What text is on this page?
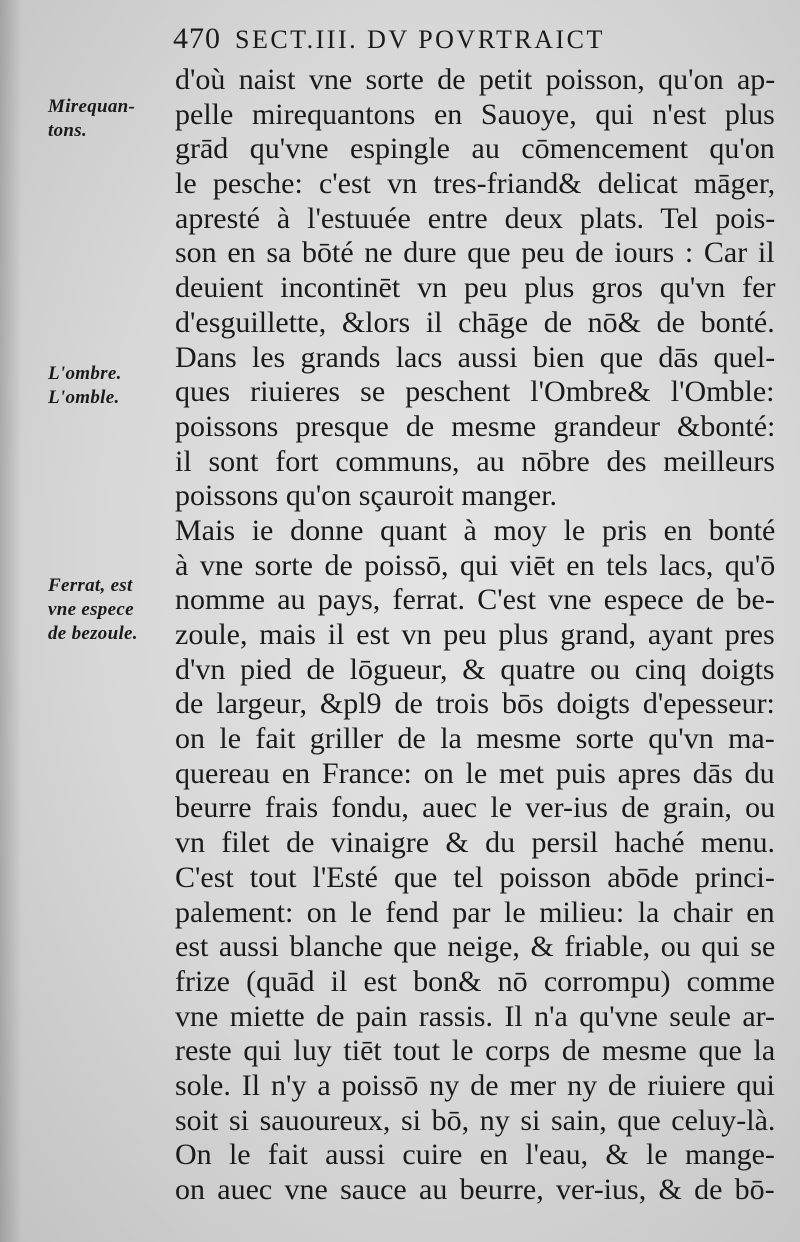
470 SECT.III. DV POVRTRAICT
Mirequan-
tons.
L'ombre.
L'omble.
Ferrat, est
vne espece
de bezoule.
d'où naist vne sorte de petit poisson, qu'on ap-
pelle mirequantons en Sauoye, qui n'est plus
grād qu'vne espingle au cōmencement qu'on
le pesche: c'est vn tres-friand& delicat māger,
apresté à l'estuuée entre deux plats. Tel pois-
son en sa bōté ne dure que peu de iours : Car il
deuient incontinēt vn peu plus gros qu'vn fer
d'esguillette, &lors il chāge de nō& de bonté.
Dans les grands lacs aussi bien que dās quel-
ques riuieres se peschent l'Ombre& l'Omble:
poissons presque de mesme grandeur &bonté:
il sont fort communs, au nōbre des meilleurs
poissons qu'on sçauroit manger.
Mais ie donne quant à moy le pris en bonté
à vne sorte de poissō, qui viēt en tels lacs, qu'ō
nomme au pays, ferrat. C'est vne espece de be-
zoule, mais il est vn peu plus grand, ayant pres
d'vn pied de lōgueur, & quatre ou cinq doigts
de largeur, &pl9 de trois bōs doigts d'epesseur:
on le fait griller de la mesme sorte qu'vn ma-
quereau en France: on le met puis apres dās du
beurre frais fondu, auec le ver-ius de grain, ou
vn filet de vinaigre & du persil haché menu.
C'est tout l'Esté que tel poisson abōde princi-
palement: on le fend par le milieu: la chair en
est aussi blanche que neige, & friable, ou qui se
frize (quād il est bon& nō corrompu) comme
vne miette de pain rassis. Il n'a qu'vne seule ar-
reste qui luy tiēt tout le corps de mesme que la
sole. Il n'y a poissō ny de mer ny de riuiere qui
soit si sauoureux, si bō, ny si sain, que celuy-là.
On le fait aussi cuire en l'eau, & le mange-
on auec vne sauce au beurre, ver-ius, & de bō-
